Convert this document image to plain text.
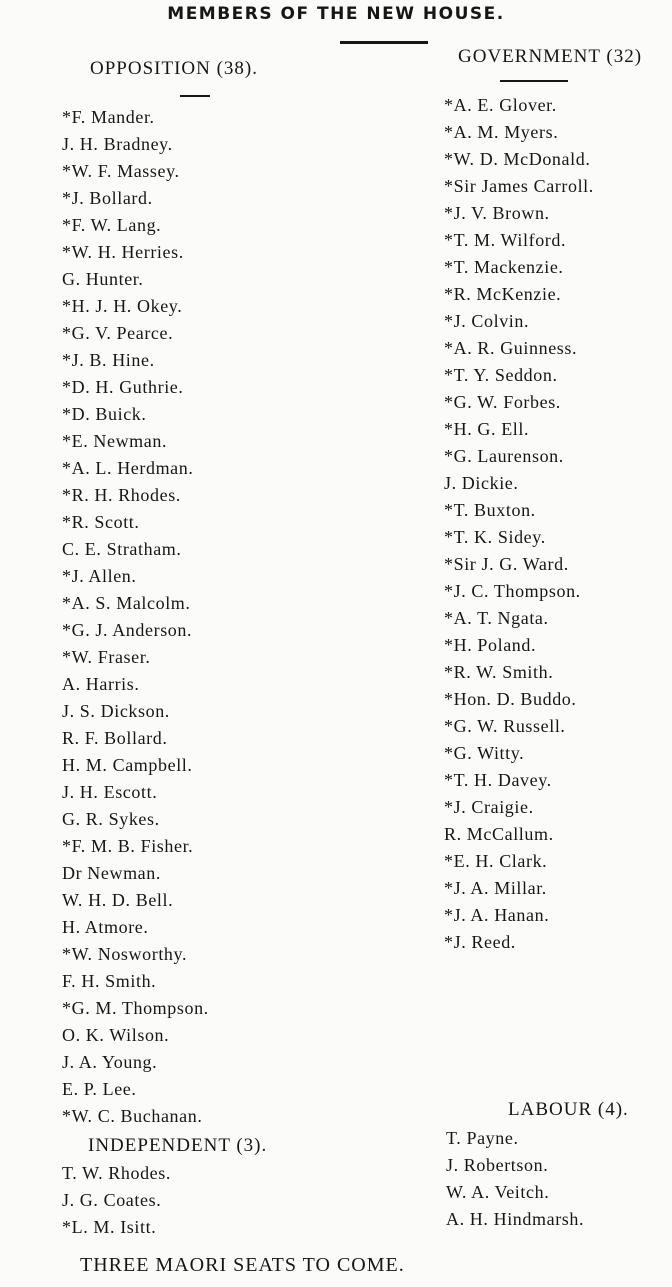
MEMBERS OF THE NEW HOUSE.
OPPOSITION (38).
GOVERNMENT (32)
*F. Mander.
J. H. Bradney.
*W. F. Massey.
*J. Bollard.
*F. W. Lang.
*W. H. Herries.
G. Hunter.
*H. J. H. Okey.
*G. V. Pearce.
*J. B. Hine.
*D. H. Guthrie.
*D. Buick.
*E. Newman.
*A. L. Herdman.
*R. H. Rhodes.
*R. Scott.
C. E. Stratham.
*J. Allen.
*A. S. Malcolm.
*G. J. Anderson.
*W. Fraser.
A. Harris.
J. S. Dickson.
R. F. Bollard.
H. M. Campbell.
J. H. Escott.
G. R. Sykes.
*F. M. B. Fisher.
Dr Newman.
W. H. D. Bell.
H. Atmore.
*W. Nosworthy.
F. H. Smith.
*G. M. Thompson.
O. K. Wilson.
J. A. Young.
E. P. Lee.
*W. C. Buchanan.
*A. E. Glover.
*A. M. Myers.
*W. D. McDonald.
*Sir James Carroll.
*J. V. Brown.
*T. M. Wilford.
*T. Mackenzie.
*R. McKenzie.
*J. Colvin.
*A. R. Guinness.
*T. Y. Seddon.
*G. W. Forbes.
*H. G. Ell.
*G. Laurenson.
J. Dickie.
*T. Buxton.
*T. K. Sidey.
*Sir J. G. Ward.
*J. C. Thompson.
*A. T. Ngata.
*H. Poland.
*R. W. Smith.
*Hon. D. Buddo.
*G. W. Russell.
*G. Witty.
*T. H. Davey.
*J. Craigie.
R. McCallum.
*E. H. Clark.
*J. A. Millar.
*J. A. Hanan.
*J. Reed.
INDEPENDENT (3).
T. W. Rhodes.
J. G. Coates.
*L. M. Isitt.
LABOUR (4).
T. Payne.
J. Robertson.
W. A. Veitch.
A. H. Hindmarsh.
THREE MAORI SEATS TO COME.
